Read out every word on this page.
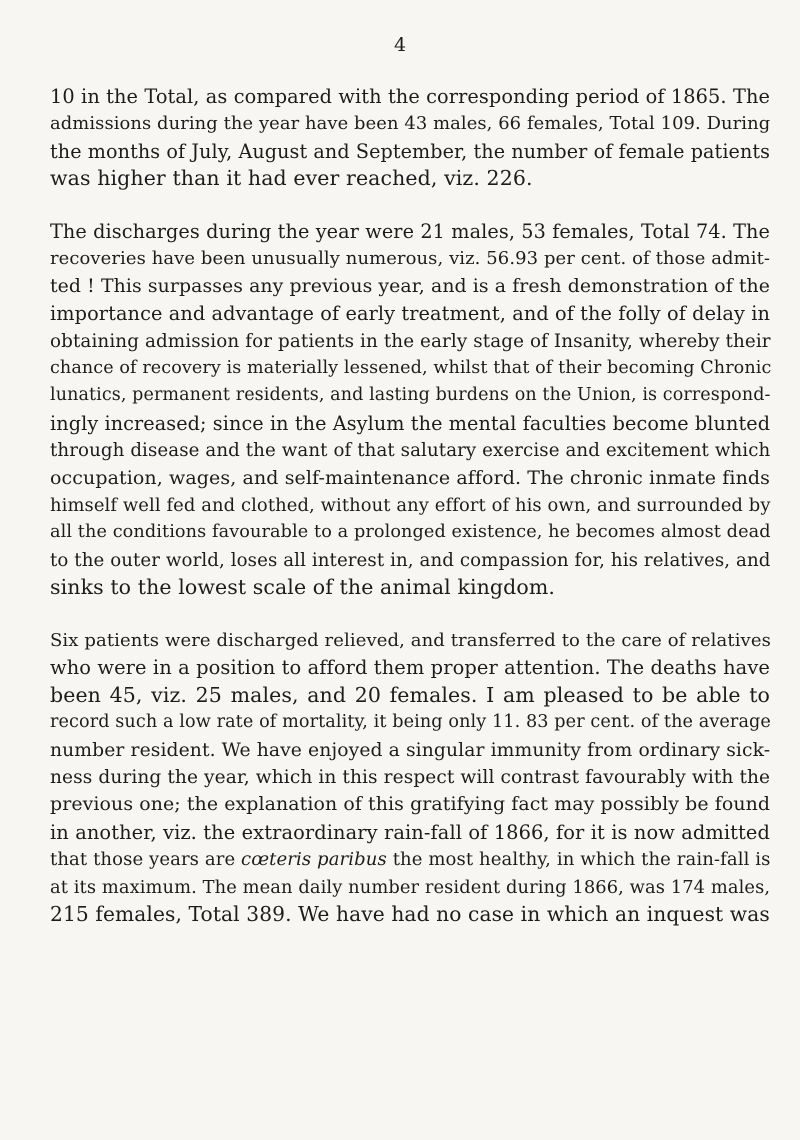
4
10 in the Total, as compared with the corresponding period of 1865. The
admissions during the year have been 43 males, 66 females, Total 109. During
the months of July, August and September, the number of female patients
was higher than it had ever reached, viz. 226.
The discharges during the year were 21 males, 53 females, Total 74. The
recoveries have been unusually numerous, viz. 56.93 per cent. of those admit-
ted ! This surpasses any previous year, and is a fresh demonstration of the
importance and advantage of early treatment, and of the folly of delay in
obtaining admission for patients in the early stage of Insanity, whereby their
chance of recovery is materially lessened, whilst that of their becoming Chronic
lunatics, permanent residents, and lasting burdens on the Union, is correspond-
ingly increased; since in the Asylum the mental faculties become blunted
through disease and the want of that salutary exercise and excitement which
occupation, wages, and self-maintenance afford. The chronic inmate finds
himself well fed and clothed, without any effort of his own, and surrounded by
all the conditions favourable to a prolonged existence, he becomes almost dead
to the outer world, loses all interest in, and compassion for, his relatives, and
sinks to the lowest scale of the animal kingdom.
Six patients were discharged relieved, and transferred to the care of relatives
who were in a position to afford them proper attention. The deaths have
been 45, viz. 25 males, and 20 females. I am pleased to be able to
record such a low rate of mortality, it being only 11. 83 per cent. of the average
number resident. We have enjoyed a singular immunity from ordinary sick-
ness during the year, which in this respect will contrast favourably with the
previous one; the explanation of this gratifying fact may possibly be found
in another, viz. the extraordinary rain-fall of 1866, for it is now admitted
that those years are cœteris paribus the most healthy, in which the rain-fall is
at its maximum. The mean daily number resident during 1866, was 174 males,
215 females, Total 389. We have had no case in which an inquest was
